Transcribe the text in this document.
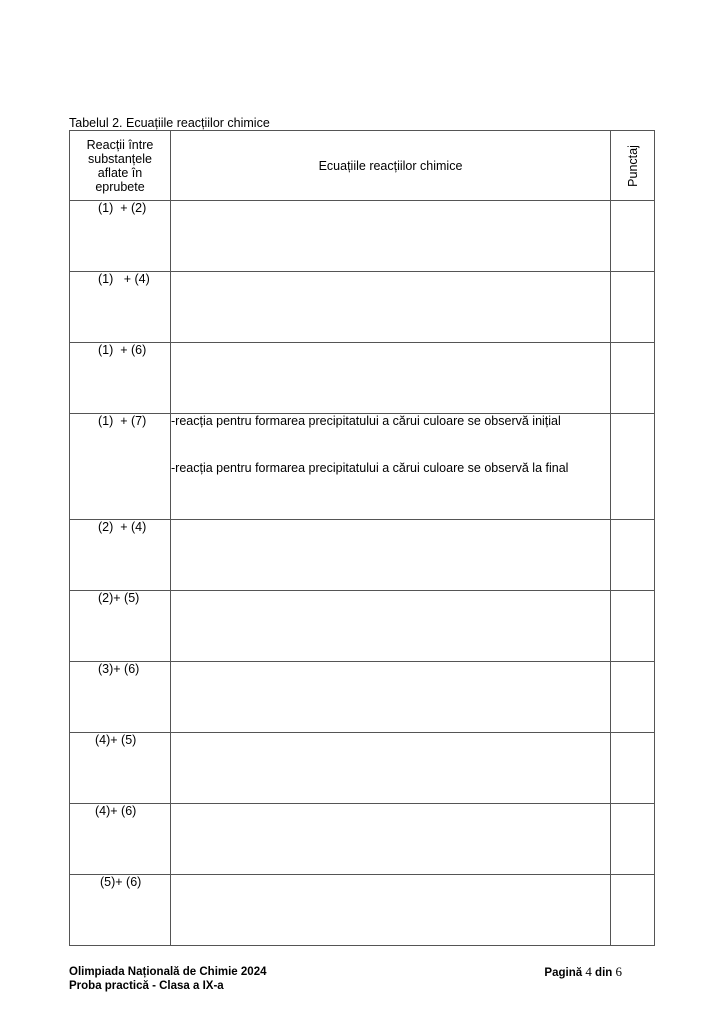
Tabelul 2. Ecuațiile reacțiilor chimice
Reacții între substanțele aflate în eprubete	Ecuațiile reacțiilor chimice	Punctaj

(1)  + (2)		

(1)   + (4)		

(1)  + (6)		

(1)  + (7)	-reacția pentru formarea precipitatului a cărui culoare se observă inițial
-reacția pentru formarea precipitatului a cărui culoare se observă la final	

(2)  + (4)		

(2)+ (5)		

(3)+ (6)		

(4)+ (5)		

(4)+ (6)		

(5)+ (6)		

Olimpiada Națională de Chimie 2024
Proba practică - Clasa a IX-a
Pagină 4 din 6
